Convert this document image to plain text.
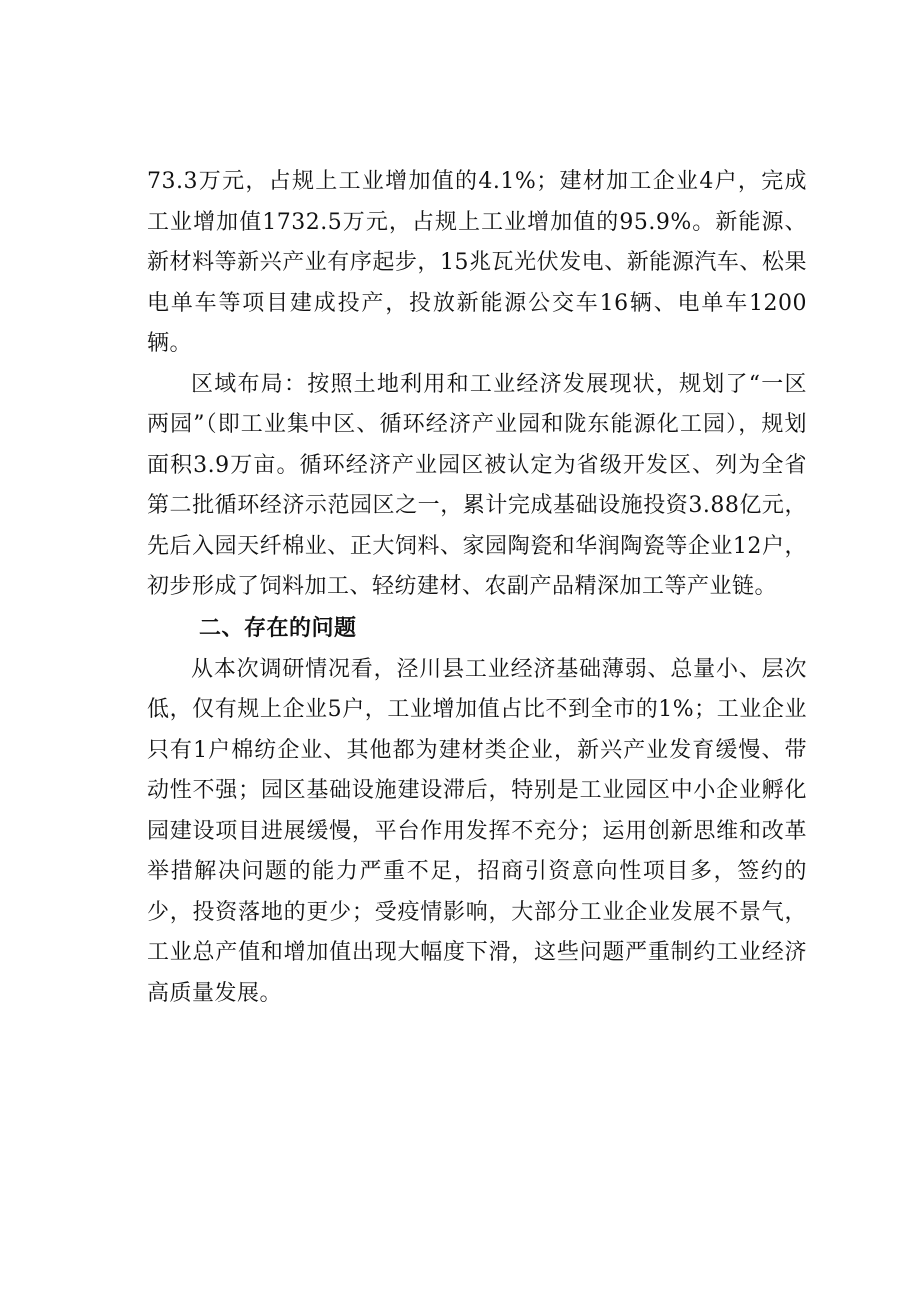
73.3万元，占规上工业增加值的4.1%；建材加工企业4户，完成工业增加值1732.5万元，占规上工业增加值的95.9%。新能源、新材料等新兴产业有序起步，15兆瓦光伏发电、新能源汽车、松果电单车等项目建成投产，投放新能源公交车16辆、电单车1200辆。

区域布局：按照土地利用和工业经济发展现状，规划了“一区两园”（即工业集中区、循环经济产业园和陇东能源化工园），规划面积3.9万亩。循环经济产业园区被认定为省级开发区、列为全省第二批循环经济示范园区之一，累计完成基础设施投资3.88亿元，先后入园天纤棉业、正大饲料、家园陶瓷和华润陶瓷等企业12户，初步形成了饲料加工、轻纺建材、农副产品精深加工等产业链。

二、存在的问题

从本次调研情况看，泾川县工业经济基础薄弱、总量小、层次低，仅有规上企业5户，工业增加值占比不到全市的1%；工业企业只有1户棉纺企业、其他都为建材类企业，新兴产业发育缓慢、带动性不强；园区基础设施建设滞后，特别是工业园区中小企业孵化园建设项目进展缓慢，平台作用发挥不充分；运用创新思维和改革举措解决问题的能力严重不足，招商引资意向性项目多，签约的少，投资落地的更少；受疫情影响，大部分工业企业发展不景气，工业总产值和增加值出现大幅度下滑，这些问题严重制约工业经济高质量发展。
